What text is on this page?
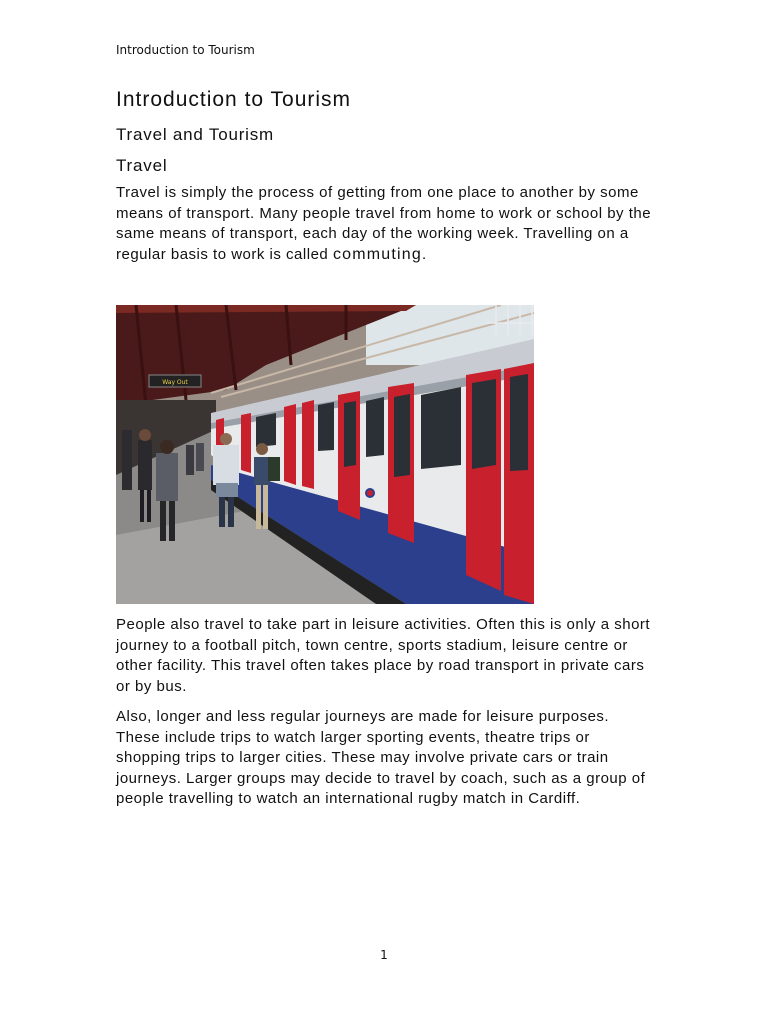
Introduction to Tourism
Introduction to Tourism
Travel and Tourism
Travel

Travel is simply the process of getting from one place to another by some means of transport. Many people travel from home to work or school by the same means of transport, each day of the working week. Travelling on a regular basis to work is called commuting.

Way Out

People also travel to take part in leisure activities. Often this is only a short journey to a football pitch, town centre, sports stadium, leisure centre or other facility. This travel often takes place by road transport in private cars or by bus.

Also, longer and less regular journeys are made for leisure purposes. These include trips to watch larger sporting events, theatre trips or shopping trips to larger cities. These may involve private cars or train journeys. Larger groups may decide to travel by coach, such as a group of people travelling to watch an international rugby match in Cardiff.

1
